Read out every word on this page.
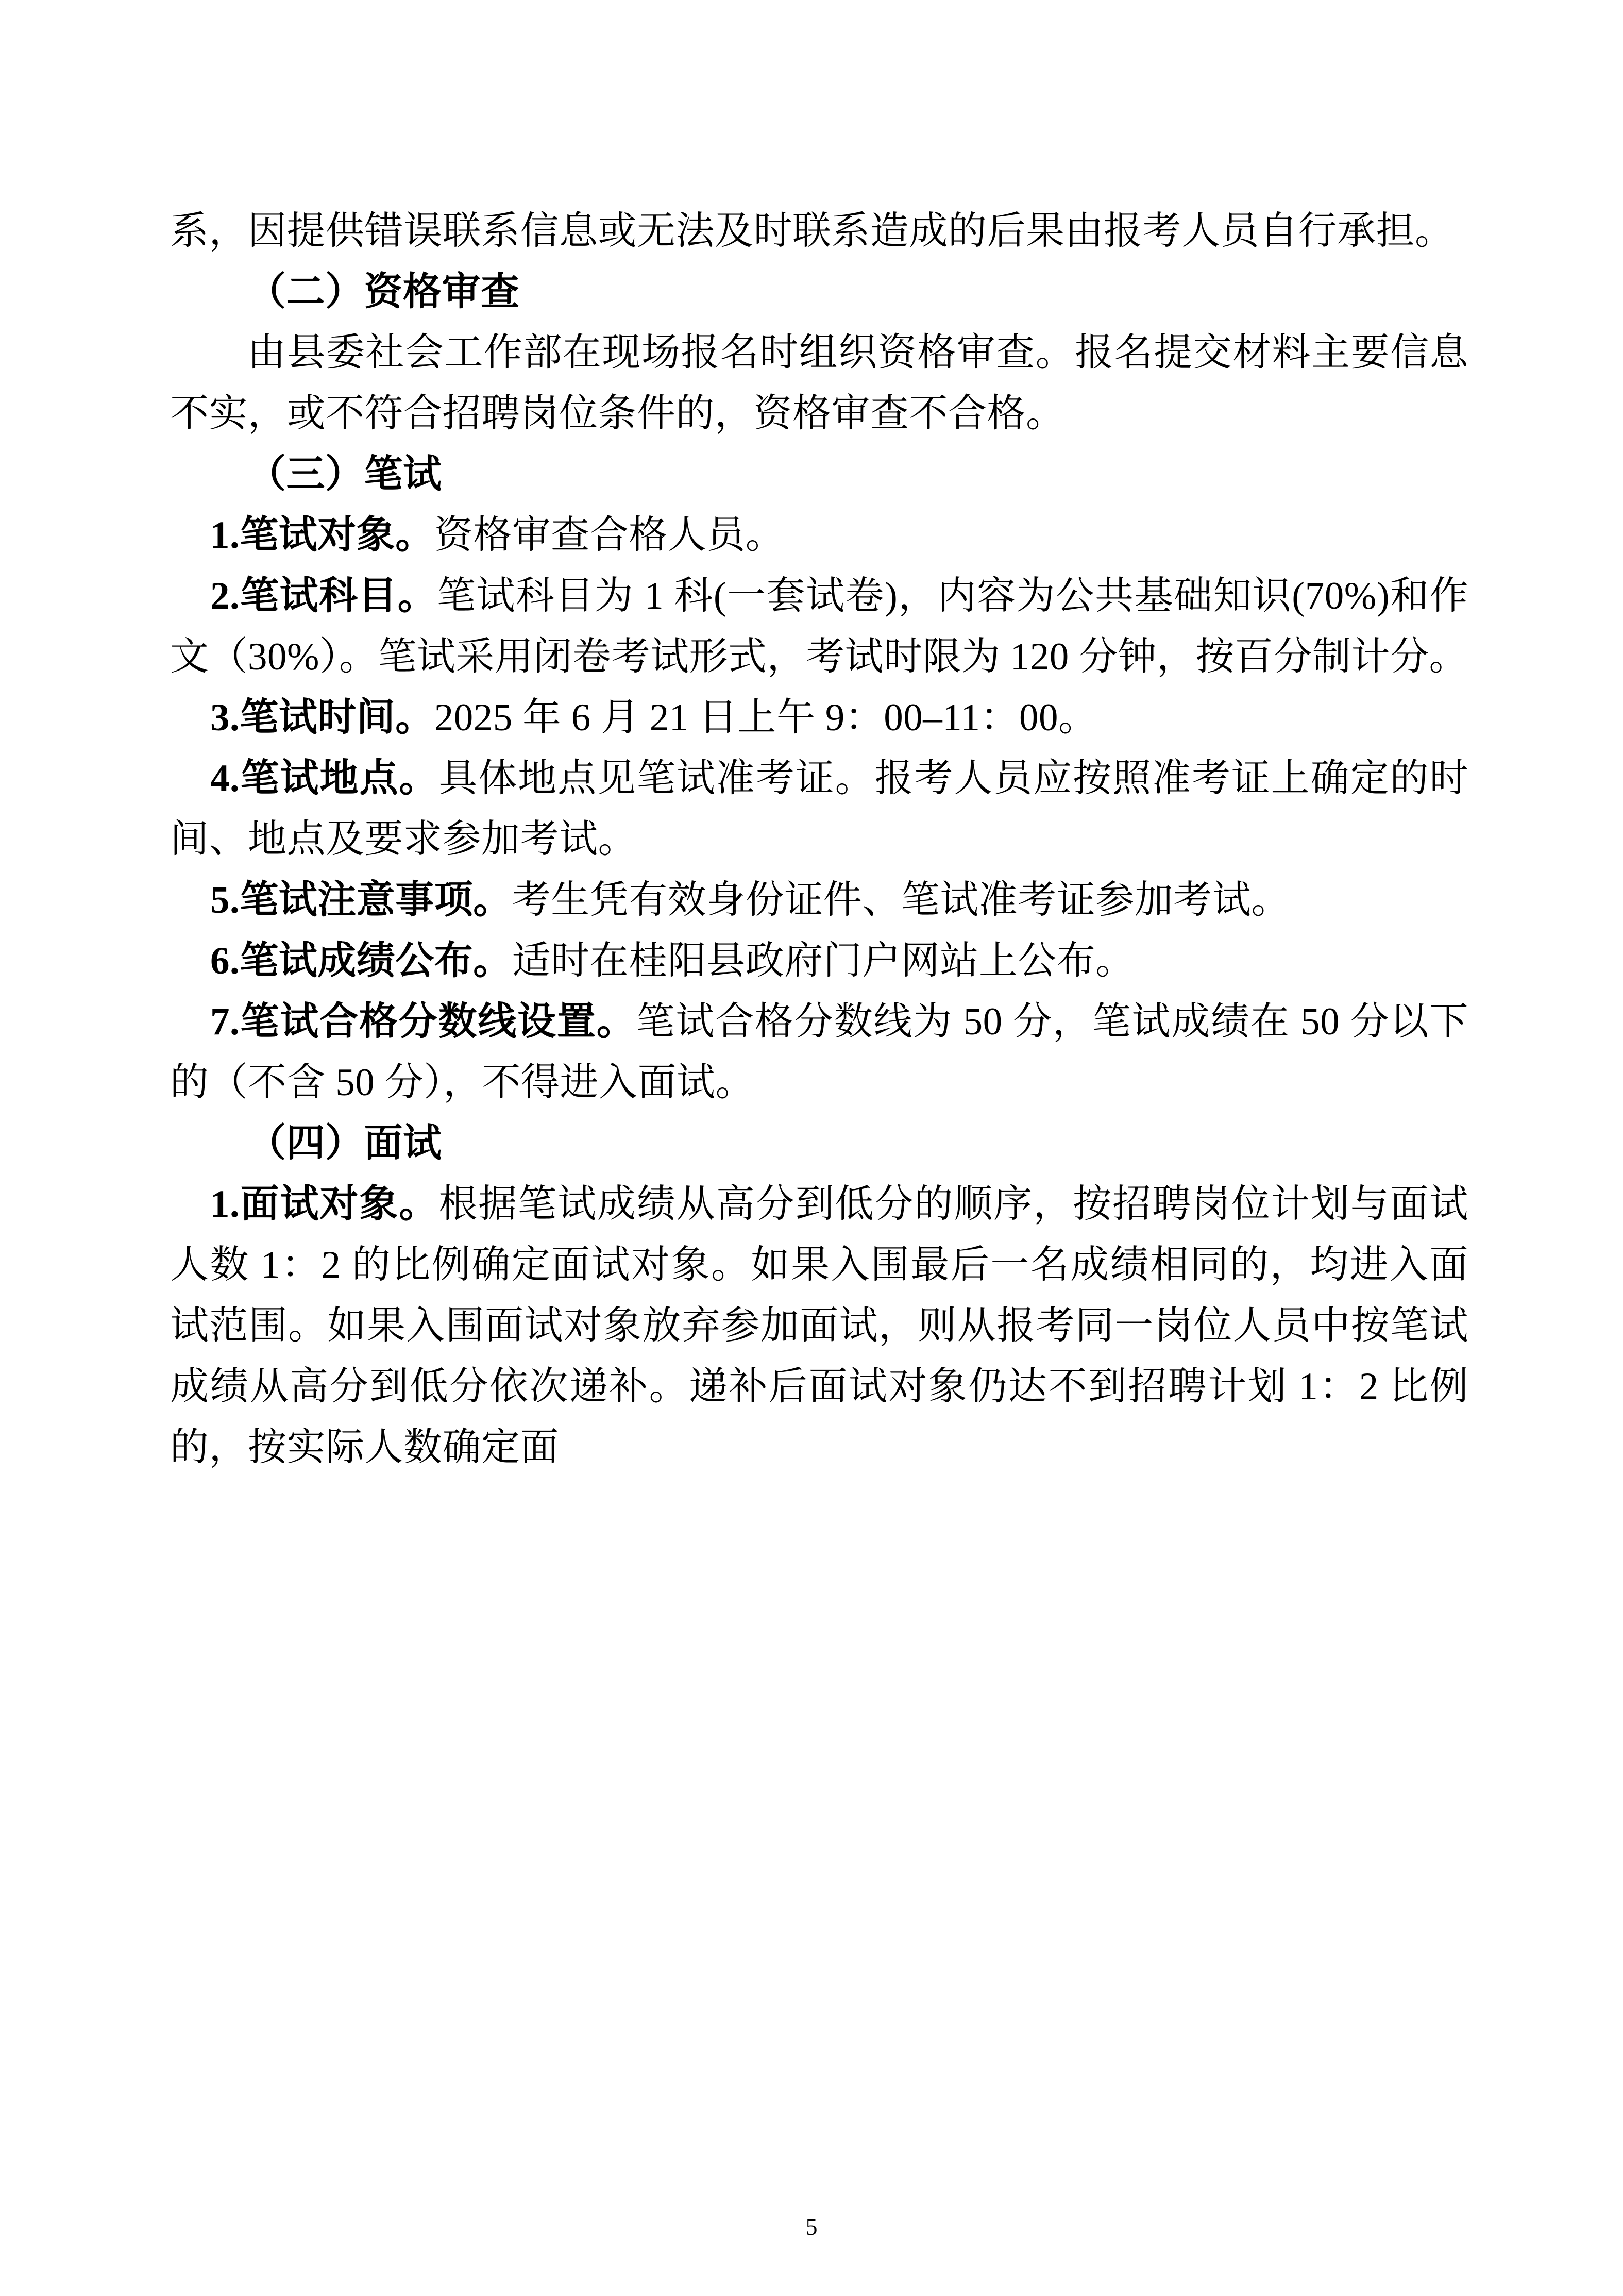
系，因提供错误联系信息或无法及时联系造成的后果由报考人员自行承担。

（二）资格审查

由县委社会工作部在现场报名时组织资格审查。报名提交材料主要信息不实，或不符合招聘岗位条件的，资格审查不合格。

（三）笔试

1.笔试对象。资格审查合格人员。

2.笔试科目。笔试科目为 1 科(一套试卷)，内容为公共基础知识(70%)和作文（30%）。笔试采用闭卷考试形式，考试时限为 120 分钟，按百分制计分。

3.笔试时间。2025 年 6 月 21 日上午 9：00–11：00。

4.笔试地点。具体地点见笔试准考证。报考人员应按照准考证上确定的时间、地点及要求参加考试。

5.笔试注意事项。考生凭有效身份证件、笔试准考证参加考试。

6.笔试成绩公布。适时在桂阳县政府门户网站上公布。

7.笔试合格分数线设置。笔试合格分数线为 50 分，笔试成绩在 50 分以下的（不含 50 分），不得进入面试。

（四）面试

1.面试对象。根据笔试成绩从高分到低分的顺序，按招聘岗位计划与面试人数 1：2 的比例确定面试对象。如果入围最后一名成绩相同的，均进入面试范围。如果入围面试对象放弃参加面试，则从报考同一岗位人员中按笔试成绩从高分到低分依次递补。递补后面试对象仍达不到招聘计划 1：2 比例的，按实际人数确定面

5
